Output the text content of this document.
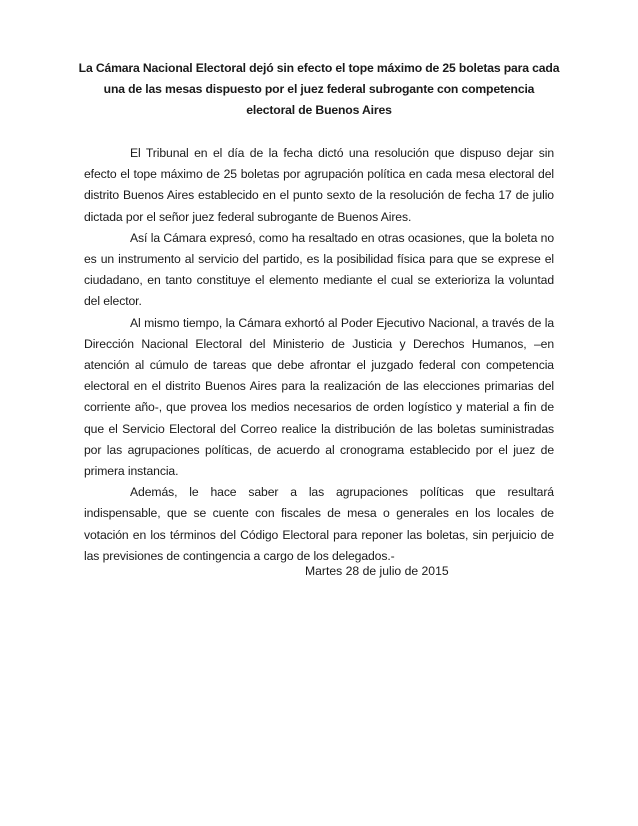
La Cámara Nacional Electoral dejó sin efecto el tope máximo de 25 boletas para cada una de las mesas dispuesto por el juez federal subrogante con competencia electoral de Buenos Aires

El Tribunal en el día de la fecha dictó una resolución que dispuso dejar sin efecto el tope máximo de 25 boletas por agrupación política en cada mesa electoral del distrito Buenos Aires establecido en el punto sexto de la resolución de fecha 17 de julio dictada por el señor juez federal subrogante de Buenos Aires.

Así la Cámara expresó, como ha resaltado en otras ocasiones, que la boleta no es un instrumento al servicio del partido, es la posibilidad física para que se exprese el ciudadano, en tanto constituye el elemento mediante el cual se exterioriza la voluntad del elector.

Al mismo tiempo, la Cámara exhortó al Poder Ejecutivo Nacional, a través de la Dirección Nacional Electoral del Ministerio de Justicia y Derechos Humanos, –en atención al cúmulo de tareas que debe afrontar el juzgado federal con competencia electoral en el distrito Buenos Aires para la realización de las elecciones primarias del corriente año-, que provea los medios necesarios de orden logístico y material a fin de que el Servicio Electoral del Correo realice la distribución de las boletas suministradas por las agrupaciones políticas, de acuerdo al cronograma establecido por el juez de primera instancia.

Además, le hace saber a las agrupaciones políticas que resultará indispensable, que se cuente con fiscales de mesa o generales en los locales de votación en los términos del Código Electoral para reponer las boletas, sin perjuicio de las previsiones de contingencia a cargo de los delegados.-

Martes 28 de julio de 2015
